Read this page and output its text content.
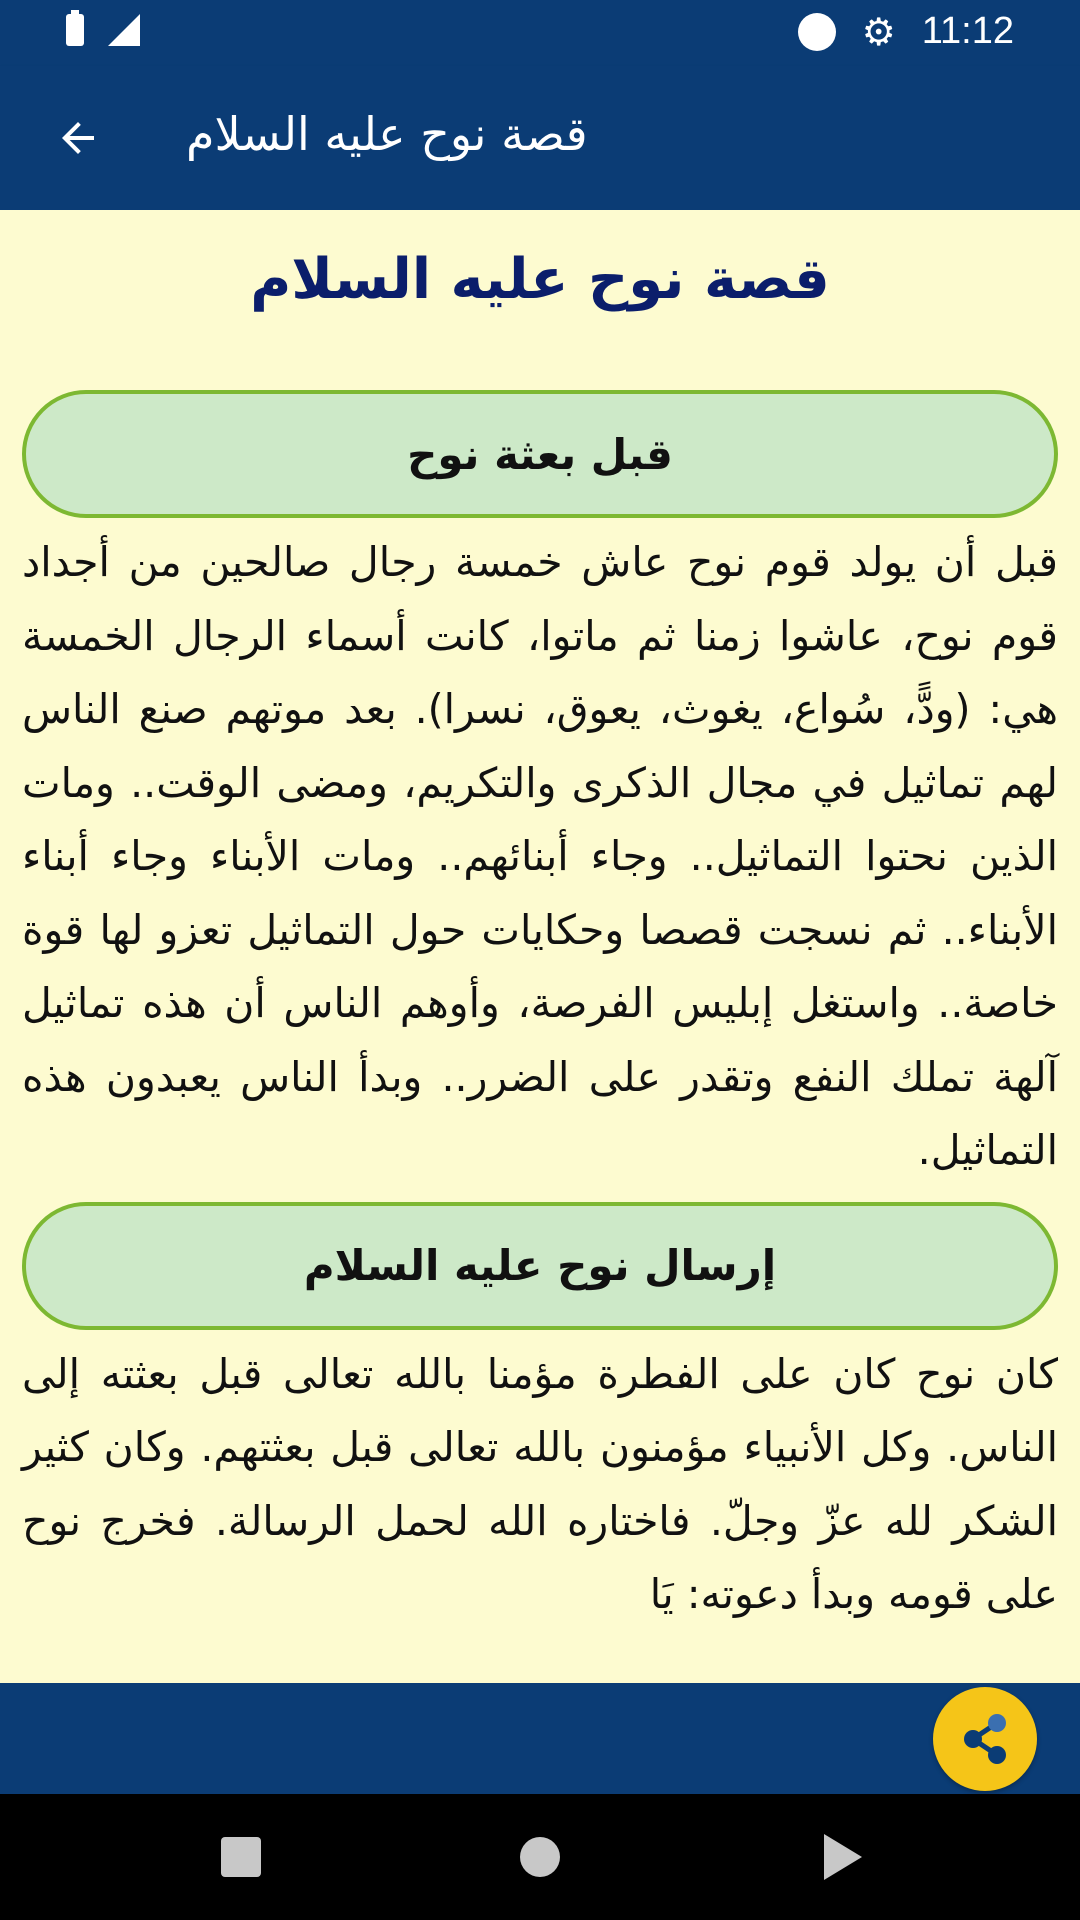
⚙ 11:12
قصة نوح عليه السلام
قصة نوح عليه السلام
قبل بعثة نوح

قبل أن يولد قوم نوح عاش خمسة رجال صالحين من أجداد قوم نوح، عاشوا زمنا ثم ماتوا، كانت أسماء الرجال الخمسة هي: (ودًّ، سُواع، يغوث، يعوق، نسرا). بعد موتهم صنع الناس لهم تماثيل في مجال الذكرى والتكريم، ومضى الوقت.. ومات الذين نحتوا التماثيل.. وجاء أبنائهم.. ومات الأبناء وجاء أبناء الأبناء.. ثم نسجت قصصا وحكايات حول التماثيل تعزو لها قوة خاصة.. واستغل إبليس الفرصة، وأوهم الناس أن هذه تماثيل آلهة تملك النفع وتقدر على الضرر.. وبدأ الناس يعبدون هذه التماثيل.

إرسال نوح عليه السلام

كان نوح كان على الفطرة مؤمنا بالله تعالى قبل بعثته إلى الناس. وكل الأنبياء مؤمنون بالله تعالى قبل بعثتهم. وكان كثير الشكر لله عزّ وجلّ. فاختاره الله لحمل الرسالة. فخرج نوح على قومه وبدأ دعوته: يَا
